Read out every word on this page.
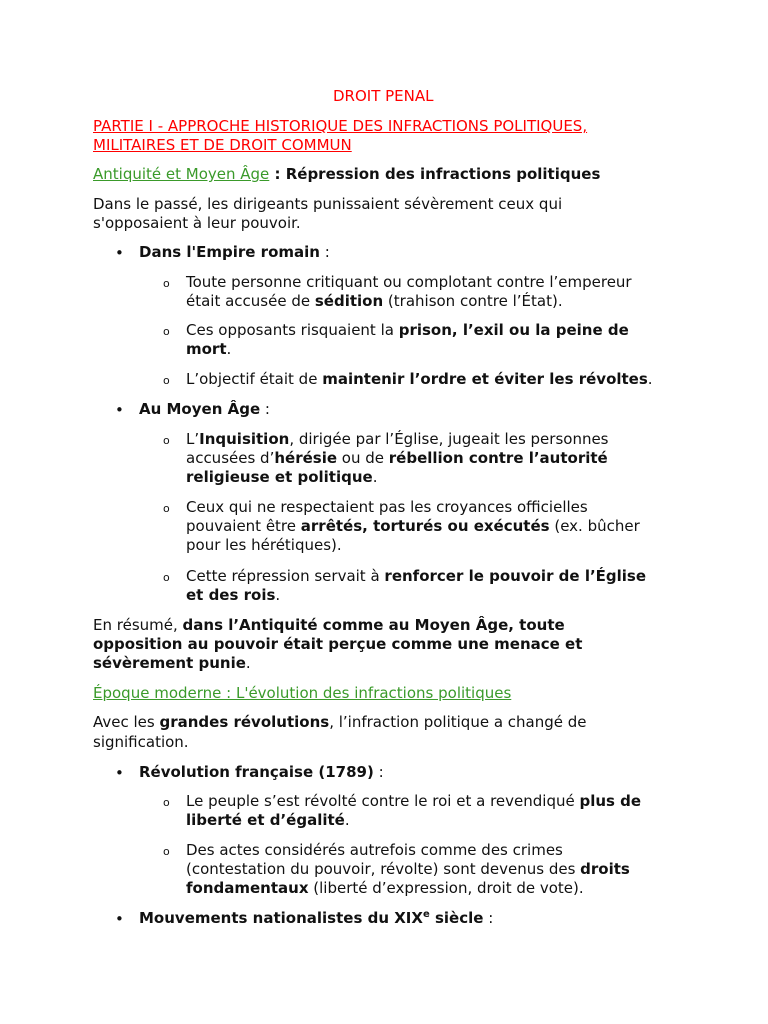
DROIT PENAL
PARTIE I - APPROCHE HISTORIQUE DES INFRACTIONS POLITIQUES,
MILITAIRES ET DE DROIT COMMUN
Antiquité et Moyen Âge : Répression des infractions politiques
Dans le passé, les dirigeants punissaient sévèrement ceux qui
s'opposaient à leur pouvoir.
• Dans l'Empire romain :
o Toute personne critiquant ou complotant contre l’empereur
était accusée de sédition (trahison contre l’État).
o Ces opposants risquaient la prison, l’exil ou la peine de
mort.
o L’objectif était de maintenir l’ordre et éviter les révoltes.
• Au Moyen Âge :
o L’Inquisition, dirigée par l’Église, jugeait les personnes
accusées d’hérésie ou de rébellion contre l’autorité
religieuse et politique.
o Ceux qui ne respectaient pas les croyances officielles
pouvaient être arrêtés, torturés ou exécutés (ex. bûcher
pour les hérétiques).
o Cette répression servait à renforcer le pouvoir de l’Église
et des rois.
En résumé, dans l’Antiquité comme au Moyen Âge, toute
opposition au pouvoir était perçue comme une menace et
sévèrement punie.
Époque moderne : L'évolution des infractions politiques
Avec les grandes révolutions, l’infraction politique a changé de
signification.
• Révolution française (1789) :
o Le peuple s’est révolté contre le roi et a revendiqué plus de
liberté et d’égalité.
o Des actes considérés autrefois comme des crimes
(contestation du pouvoir, révolte) sont devenus des droits
fondamentaux (liberté d’expression, droit de vote).
• Mouvements nationalistes du XIXe siècle :
